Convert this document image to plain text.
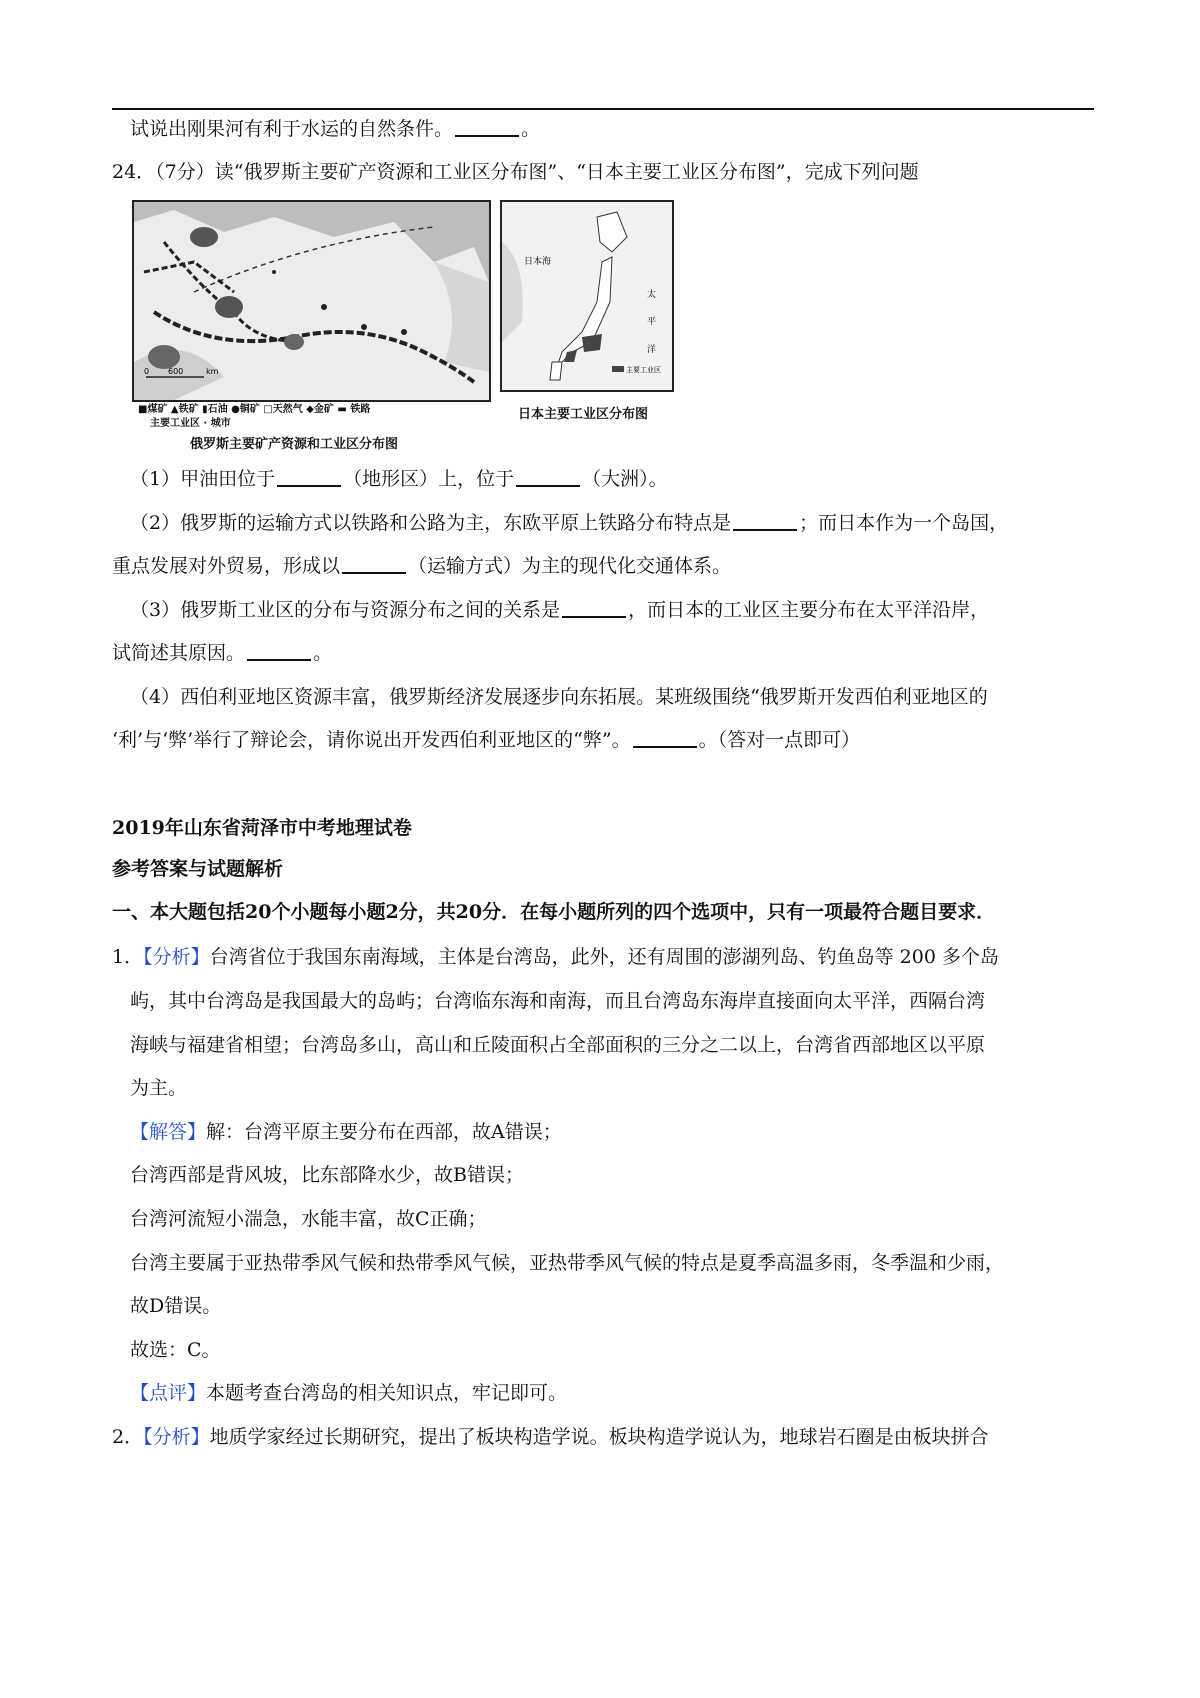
试说出刚果河有利于水运的自然条件。	。
24．（7分）读“俄罗斯主要矿产资源和工业区分布图”、“日本主要工业区分布图”，完成下列问题
0 600	km
■煤矿 ▲铁矿 ▮石油 ●铜矿 □天然气 ◆金矿 ▬ 铁路
主要工业区 · 城市
俄罗斯主要矿产资源和工业区分布图
日本海
太
平
洋
主要工业区
日本主要工业区分布图
（1）甲油田位于	（地形区）上，位于	（大洲）。
（2）俄罗斯的运输方式以铁路和公路为主，东欧平原上铁路分布特点是	；而日本作为一个岛国，
重点发展对外贸易，形成以	（运输方式）为主的现代化交通体系。
（3）俄罗斯工业区的分布与资源分布之间的关系是	，而日本的工业区主要分布在太平洋沿岸，
试简述其原因。	。
（4）西伯利亚地区资源丰富，俄罗斯经济发展逐步向东拓展。某班级围绕“俄罗斯开发西伯利亚地区的
‘利’与‘弊’举行了辩论会，请你说出开发西伯利亚地区的“弊”。	。（答对一点即可）
2019年山东省菏泽市中考地理试卷
参考答案与试题解析
一、本大题包括20个小题每小题2分，共20分．在每小题所列的四个选项中，只有一项最符合题目要求．
1．【分析】台湾省位于我国东南海域，主体是台湾岛，此外，还有周围的澎湖列岛、钓鱼岛等 200 多个岛
屿，其中台湾岛是我国最大的岛屿；台湾临东海和南海，而且台湾岛东海岸直接面向太平洋，西隔台湾
海峡与福建省相望；台湾岛多山，高山和丘陵面积占全部面积的三分之二以上，台湾省西部地区以平原
为主。
【解答】解：台湾平原主要分布在西部，故A错误；
台湾西部是背风坡，比东部降水少，故B错误；
台湾河流短小湍急，水能丰富，故C正确；
台湾主要属于亚热带季风气候和热带季风气候，亚热带季风气候的特点是夏季高温多雨，冬季温和少雨，
故D错误。
故选：C。
【点评】本题考查台湾岛的相关知识点，牢记即可。
2．【分析】地质学家经过长期研究，提出了板块构造学说。板块构造学说认为，地球岩石圈是由板块拼合
